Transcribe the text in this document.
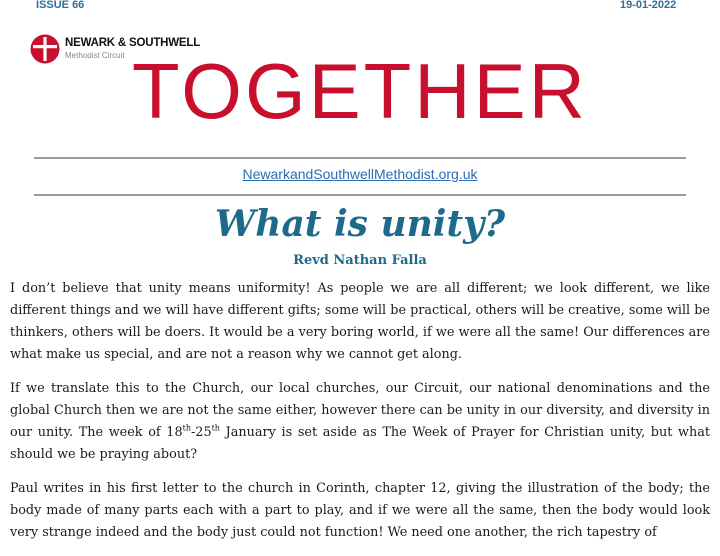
ISSUE 66	19-01-2022
NEWARK & SOUTHWELL
Methodist Circuit TOGETHER
NewarkandSouthwellMethodist.org.uk
What is unity?
Revd Nathan Falla

I don’t believe that unity means uniformity! As people we are all different; we look different, we like different things and we will have different gifts; some will be practical, others will be creative, some will be thinkers, others will be doers. It would be a very boring world, if we were all the same! Our differences are what make us special, and are not a reason why we cannot get along.

If we translate this to the Church, our local churches, our Circuit, our national denominations and the global Church then we are not the same either, however there can be unity in our diversity, and diversity in our unity. The week of 18th-25th January is set aside as The Week of Prayer for Christian unity, but what should we be praying about?

Paul writes in his first letter to the church in Corinth, chapter 12, giving the illustration of the body; the body made of many parts each with a part to play, and if we were all the same, then the body would look very strange indeed and the body just could not function! We need one another, the rich tapestry of
